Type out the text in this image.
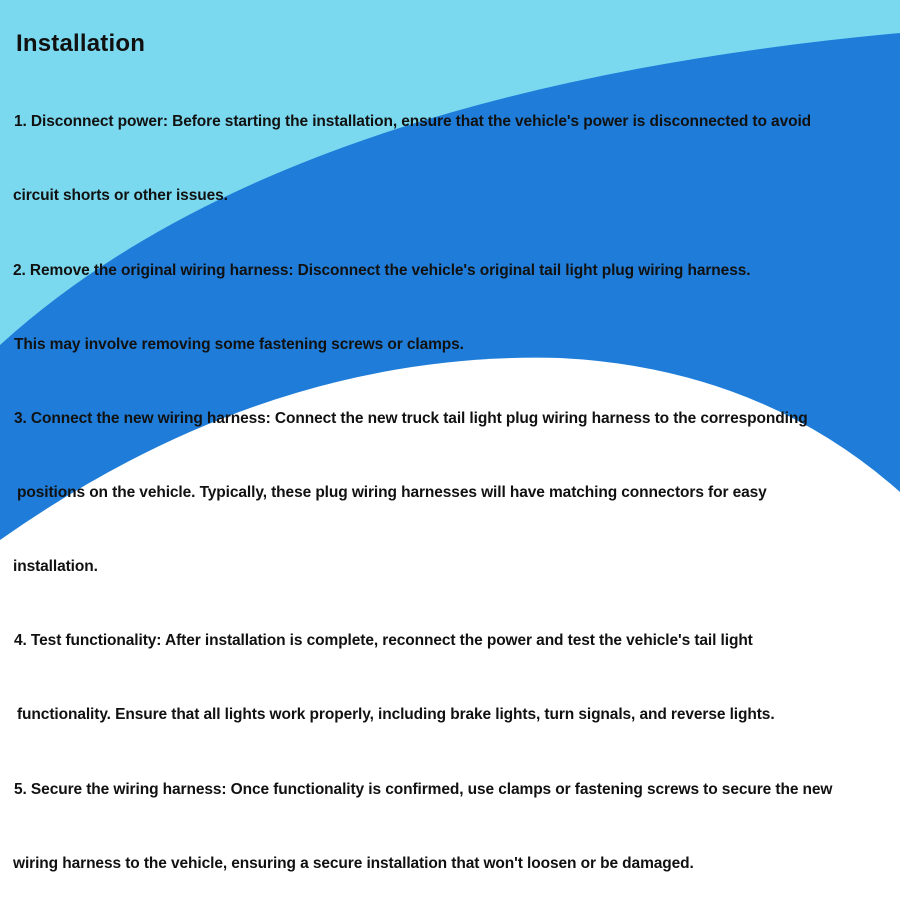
Installation

1. Disconnect power: Before starting the installation, ensure that the vehicle's power is disconnected to avoid

circuit shorts or other issues.

2. Remove the original wiring harness: Disconnect the vehicle's original tail light plug wiring harness.

This may involve removing some fastening screws or clamps.

3. Connect the new wiring harness: Connect the new truck tail light plug wiring harness to the corresponding

positions on the vehicle. Typically, these plug wiring harnesses will have matching connectors for easy

installation.

4. Test functionality: After installation is complete, reconnect the power and test the vehicle's tail light

functionality. Ensure that all lights work properly, including brake lights, turn signals, and reverse lights.

5. Secure the wiring harness: Once functionality is confirmed, use clamps or fastening screws to secure the new

wiring harness to the vehicle, ensuring a secure installation that won't loosen or be damaged.
